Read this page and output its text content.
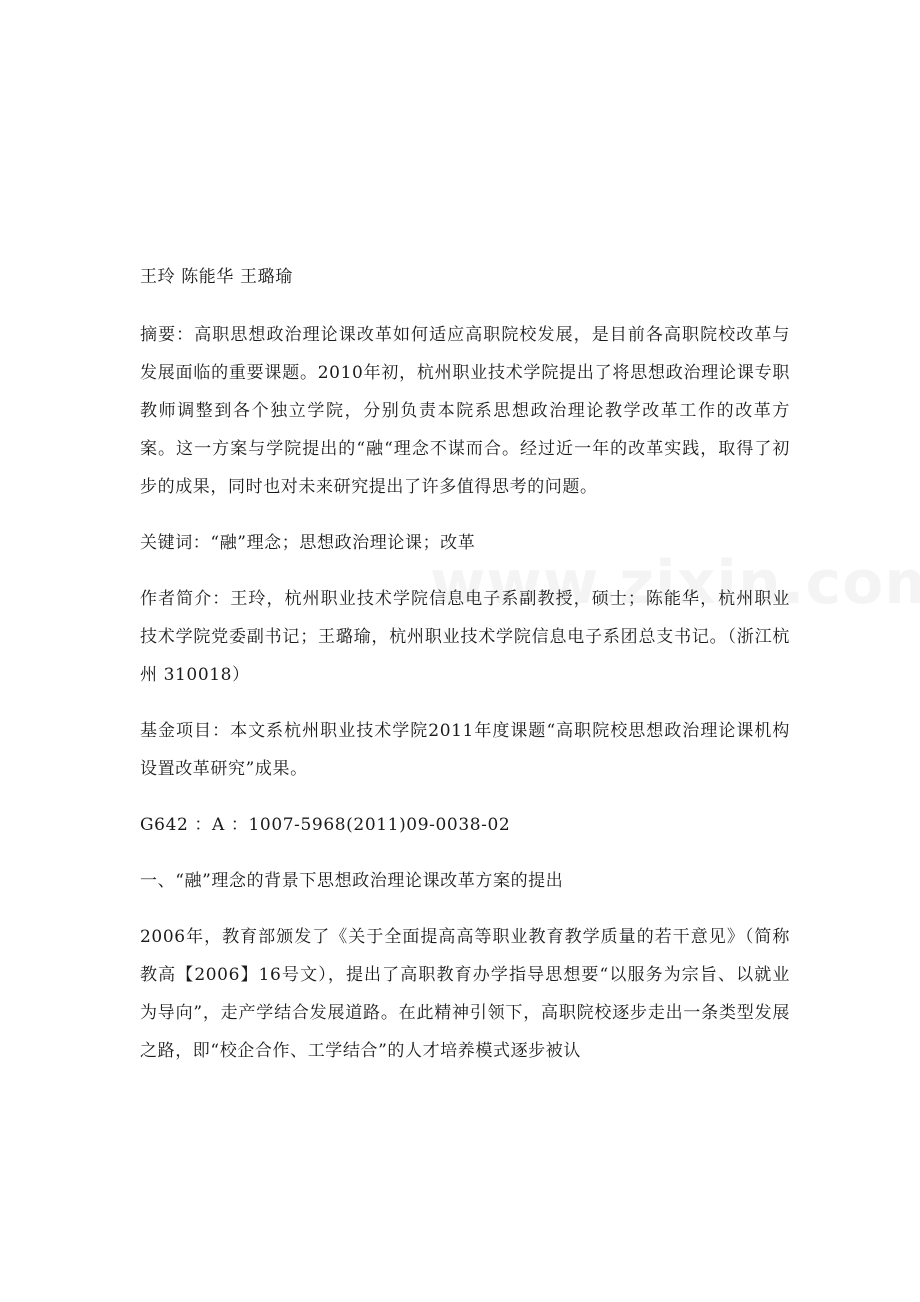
王玲 陈能华 王璐瑜

摘要：高职思想政治理论课改革如何适应高职院校发展，是目前各高职院校改革与发展面临的重要课题。2010年初，杭州职业技术学院提出了将思想政治理论课专职教师调整到各个独立学院，分别负责本院系思想政治理论教学改革工作的改革方案。这一方案与学院提出的“融“理念不谋而合。经过近一年的改革实践，取得了初步的成果，同时也对未来研究提出了许多值得思考的问题。

关键词：“融”理念；思想政治理论课；改革

作者简介：王玲，杭州职业技术学院信息电子系副教授，硕士；陈能华，杭州职业技术学院党委副书记；王璐瑜，杭州职业技术学院信息电子系团总支书记。（浙江杭州 310018）

基金项目：本文系杭州职业技术学院2011年度课题“高职院校思想政治理论课机构设置改革研究”成果。

G642 ：A ：1007-5968(2011)09-0038-02

一、“融”理念的背景下思想政治理论课改革方案的提出

2006年，教育部颁发了《关于全面提高高等职业教育教学质量的若干意见》（简称教高【2006】16号文），提出了高职教育办学指导思想要“以服务为宗旨、以就业为导向”，走产学结合发展道路。在此精神引领下，高职院校逐步走出一条类型发展之路，即“校企合作、工学结合”的人才培养模式逐步被认
